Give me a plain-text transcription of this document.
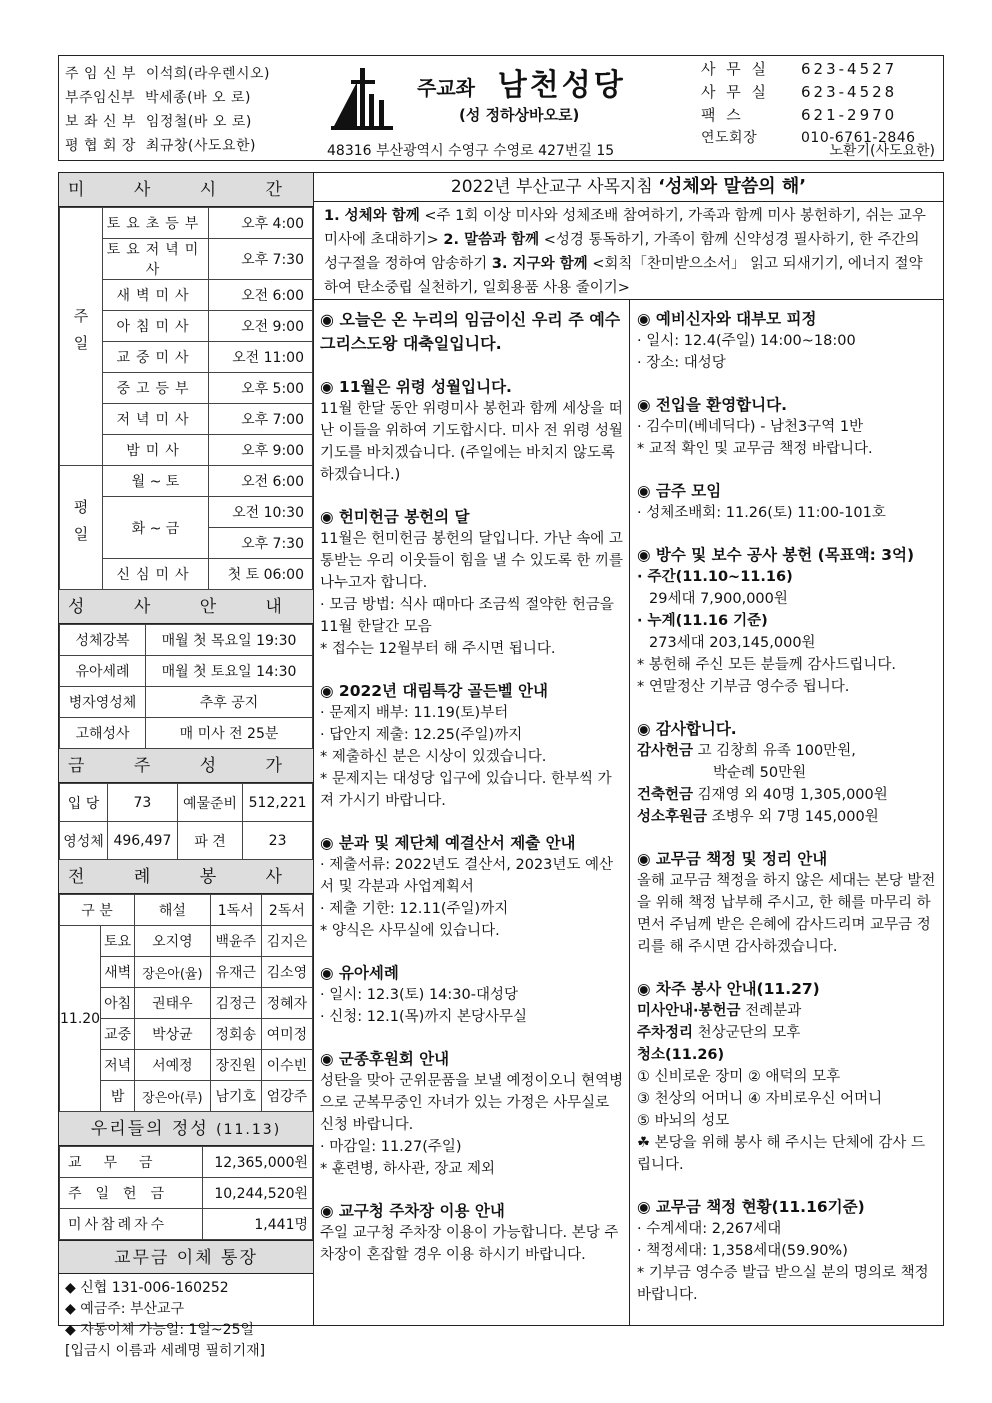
주 임 신 부 이석희(라우렌시오)
부주임신부 박세종(바 오 로)
보 좌 신 부 임정철(바 오 로)
평 협 회 장 최규창(사도요한)
주교좌 남천성당
(성 정하상바오로)
48316 부산광역시 수영구 수영로 427번길 15
사 무 실	623-4527
사 무 실	623-4528
팩 스	621-2970
연도회장	010-6761-2846
노환기(사도요한)
미 사 시 간
주일	토요초등부	오후 4:00
	토요저녁미사	오후 7:30
	새벽미사	오전 6:00
	아침미사	오전 9:00
	교중미사	오전 11:00
	중고등부	오후 5:00
	저녁미사	오후 7:00
	밤미사	오후 9:00
평일	월 ~ 토	오전 6:00
	화 ~ 금	오전 10:30
		오후 7:30
	신심미사	첫 토 06:00
성 사 안 내
성체강복	매월 첫 목요일 19:30
유아세례	매월 첫 토요일 14:30
병자영성체	추후 공지
고해성사	매 미사 전 25분
금 주 성 가
입 당	73	예물준비	512,221
영성체	496,497	파 견	23
전 례 봉 사
구 분		해설	1독서	2독서
11.20	토요	오지영	백윤주	김지은
	새벽	장은아(율)	유재근	김소영
	아침	권태우	김정근	정혜자
	교중	박상균	정회송	여미정
	저녁	서예정	장진원	이수빈
	밤	장은아(루)	남기호	엄강주
우리들의 정성 (11.13)
교무금	12,365,000원
주일헌금	10,244,520원
미사참례자수	1,441명
교무금 이체 통장
◆ 신협 131-006-160252
◆ 예금주: 부산교구
◆ 자동이체 가능일: 1일~25일
[입금시 이름과 세례명 필히기재]
2022년 부산교구 사목지침 ‘성체와 말씀의 해’
1. 성체와 함께 <주 1회 이상 미사와 성체조배 참여하기, 가족과 함께 미사 봉헌하기, 쉬는 교우 미사에 초대하기> 2. 말씀과 함께 <성경 통독하기, 가족이 함께 신약성경 필사하기, 한 주간의 성구절을 정하여 암송하기 3. 지구와 함께 <회칙「찬미받으소서」 읽고 되새기기, 에너지 절약하여 탄소중립 실천하기, 일회용품 사용 줄이기>
◉ 오늘은 온 누리의 임금이신 우리 주 예수 그리스도왕 대축일입니다.
◉ 11월은 위령 성월입니다.
11월 한달 동안 위령미사 봉헌과 함께 세상을 떠난 이들을 위하여 기도합시다. 미사 전 위령 성월 기도를 바치겠습니다. (주일에는 바치지 않도록 하겠습니다.)
◉ 헌미헌금 봉헌의 달
11월은 헌미헌금 봉헌의 달입니다. 가난 속에 고통받는 우리 이웃들이 힘을 낼 수 있도록 한 끼를 나누고자 합니다.
· 모금 방법: 식사 때마다 조금씩 절약한 헌금을 11월 한달간 모음
* 접수는 12월부터 해 주시면 됩니다.
◉ 2022년 대림특강 골든벨 안내
· 문제지 배부: 11.19(토)부터
· 답안지 제출: 12.25(주일)까지
* 제출하신 분은 시상이 있겠습니다.
* 문제지는 대성당 입구에 있습니다. 한부씩 가져 가시기 바랍니다.
◉ 분과 및 제단체 예결산서 제출 안내
· 제출서류: 2022년도 결산서, 2023년도 예산서 및 각분과 사업계획서
· 제출 기한: 12.11(주일)까지
* 양식은 사무실에 있습니다.
◉ 유아세례
· 일시: 12.3(토) 14:30-대성당
· 신청: 12.1(목)까지 본당사무실
◉ 군종후원회 안내
성탄을 맞아 군위문품을 보낼 예정이오니 현역병으로 군복무중인 자녀가 있는 가정은 사무실로 신청 바랍니다.
· 마감일: 11.27(주일)
* 훈련병, 하사관, 장교 제외
◉ 교구청 주차장 이용 안내
주일 교구청 주차장 이용이 가능합니다. 본당 주차장이 혼잡할 경우 이용 하시기 바랍니다.
◉ 예비신자와 대부모 피정
· 일시: 12.4(주일) 14:00~18:00
· 장소: 대성당
◉ 전입을 환영합니다.
· 김수미(베네딕다) - 남천3구역 1반
* 교적 확인 및 교무금 책정 바랍니다.
◉ 금주 모임
· 성체조배회: 11.26(토) 11:00-101호
◉ 방수 및 보수 공사 봉헌 (목표액: 3억)
· 주간(11.10~11.16)
29세대 7,900,000원
· 누계(11.16 기준)
273세대 203,145,000원
* 봉헌해 주신 모든 분들께 감사드립니다.
* 연말정산 기부금 영수증 됩니다.
◉ 감사합니다.
감사헌금 고 김창희 유족 100만원,
박순례 50만원
건축헌금 김재영 외 40명 1,305,000원
성소후원금 조병우 외 7명 145,000원
◉ 교무금 책정 및 정리 안내
올해 교무금 책정을 하지 않은 세대는 본당 발전을 위해 책정 납부해 주시고, 한 해를 마무리 하면서 주님께 받은 은혜에 감사드리며 교무금 정리를 해 주시면 감사하겠습니다.
◉ 차주 봉사 안내(11.27)
미사안내·봉헌금 전례분과
주차정리 천상군단의 모후
청소(11.26)
① 신비로운 장미 ② 애덕의 모후
③ 천상의 어머니 ④ 자비로우신 어머니
⑤ 바뇌의 성모
☘ 본당을 위해 봉사 해 주시는 단체에 감사 드립니다.
◉ 교무금 책정 현황(11.16기준)
· 수계세대: 2,267세대
· 책정세대: 1,358세대(59.90%)
* 기부금 영수증 발급 받으실 분의 명의로 책정 바랍니다.
